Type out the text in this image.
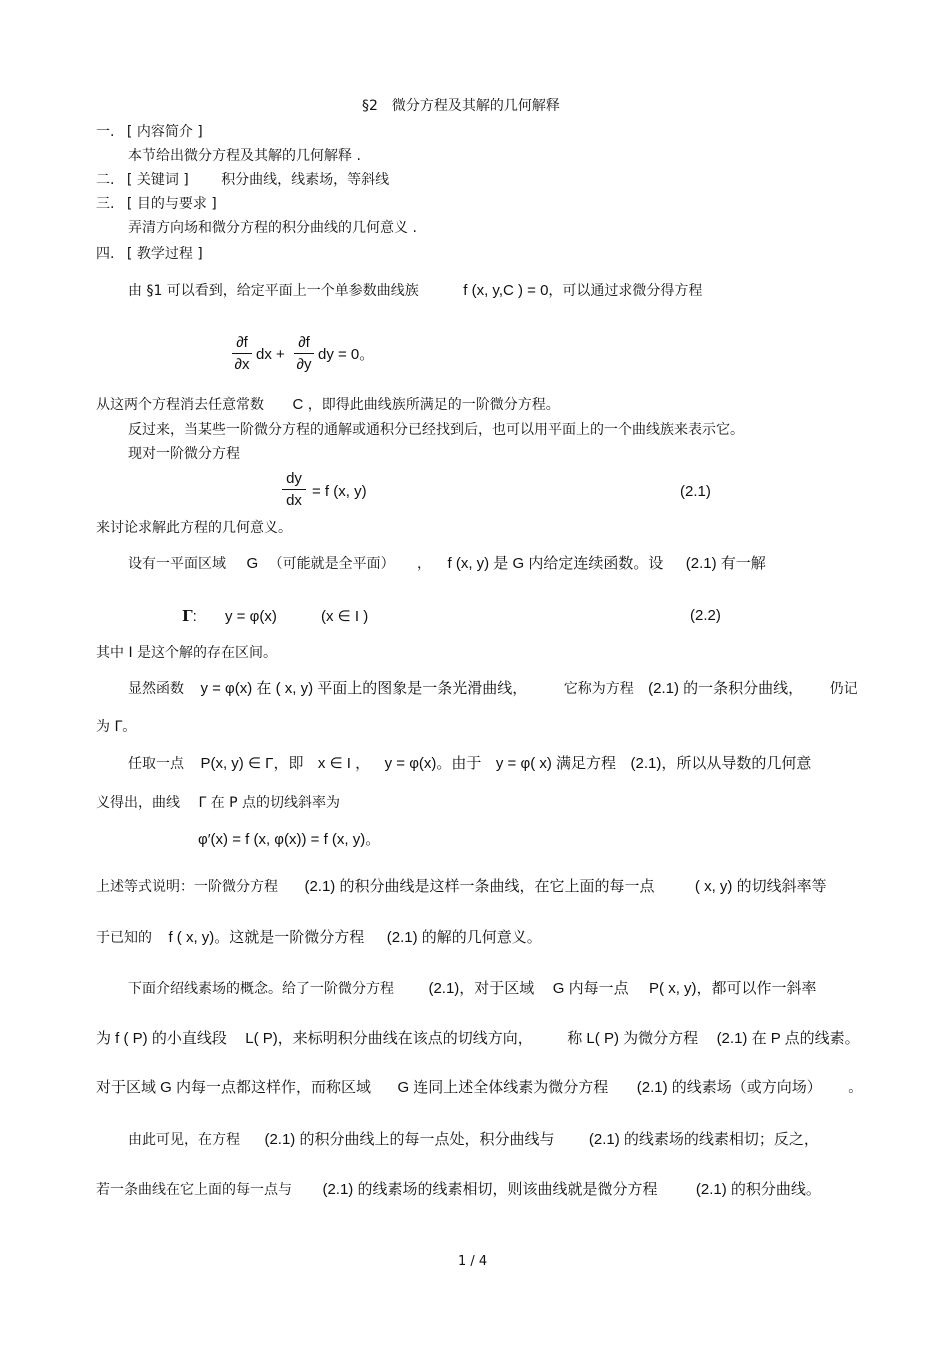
§2　微分方程及其解的几何解释
一. [ 内容简介 ]
本节给出微分方程及其解的几何解释 .
二. [ 关键词 ] 积分曲线，线素场，等斜线
三. [ 目的与要求 ]
弄清方向场和微分方程的积分曲线的几何意义 .
四. [ 教学过程 ]
由 §1 可以看到，给定平面上一个单参数曲线族	f (x, y,C ) = 0，可以通过求微分得方程
∂f
∂x
dx +
∂f
∂y
dy = 0。
从这两个方程消去任意常数 C ，即得此曲线族所满足的一阶微分方程。
反过来，当某些一阶微分方程的通解或通积分已经找到后，也可以用平面上的一个曲线族来表示它。
现对一阶微分方程
dy
dx
= f (x, y)	(2.1)
来讨论求解此方程的几何意义。
设有一平面区域 G （可能就是全平面） ， f (x, y) 是 G 内给定连续函数。设 (2.1) 有一解
Γ: y = φ(x)	(x ∈ I )	(2.2)
其中 I 是这个解的存在区间。
显然函数 y = φ(x) 在 ( x, y) 平面上的图象是一条光滑曲线，	它称为方程 (2.1) 的一条积分曲线， 仍记
为 Γ。
任取一点 P(x, y) ∈ Γ，即 x ∈ I ， y = φ(x)。由于 y = φ( x) 满足方程 (2.1)，所以从导数的几何意
义得出，曲线 Γ 在 P 点的切线斜率为
φ′(x) = f (x, φ(x)) = f (x, y)。
上述等式说明：一阶微分方程 (2.1) 的积分曲线是这样一条曲线，在它上面的每一点	( x, y) 的切线斜率等
于已知的 f ( x, y)。这就是一阶微分方程 (2.1) 的解的几何意义。
下面介绍线素场的概念。给了一阶微分方程 (2.1)，对于区域 G 内每一点 P( x, y)，都可以作一斜率
为 f ( P) 的小直线段 L( P)，来标明积分曲线在该点的切线方向， 称 L( P) 为微分方程 (2.1) 在 P 点的线素。
对于区域 G 内每一点都这样作，而称区域 G 连同上述全体线素为微分方程 (2.1) 的线素场（或方向场） 。
由此可见，在方程 (2.1) 的积分曲线上的每一点处，积分曲线与 (2.1) 的线素场的线素相切；反之，
若一条曲线在它上面的每一点与 (2.1) 的线素场的线素相切，则该曲线就是微分方程	(2.1) 的积分曲线。
1 / 4
